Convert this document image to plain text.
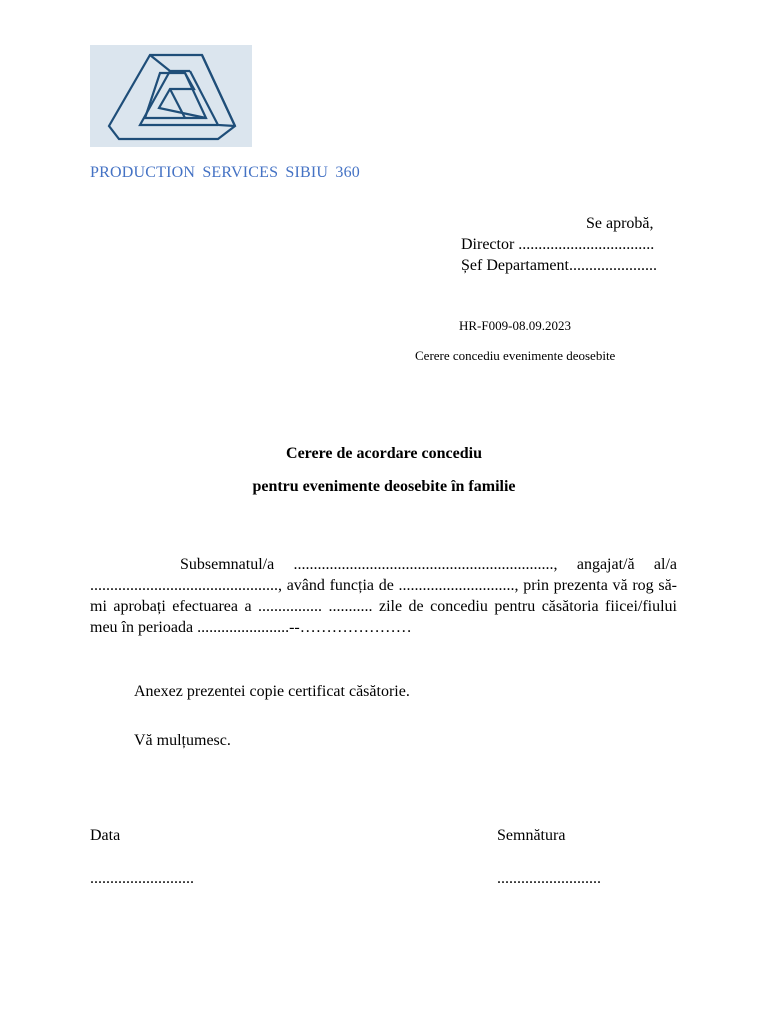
PRODUCTION SERVICES SIBIU 360
Se aprobă,
Director ..................................
Șef Departament......................
HR-F009-08.09.2023
Cerere concediu evenimente deosebite
Cerere de acordare concediu
pentru evenimente deosebite în familie
Subsemnatul/a ................................................................., angajat/ă al/a ..............................................., având funcția de ............................., prin prezenta vă rog să-mi aprobați efectuarea a ................ ........... zile de concediu pentru căsătoria fiicei/fiului meu în perioada .......................--…………………
Anexez prezentei copie certificat căsătorie.
Vă mulțumesc.
Data
..........................
Semnătura
..........................
